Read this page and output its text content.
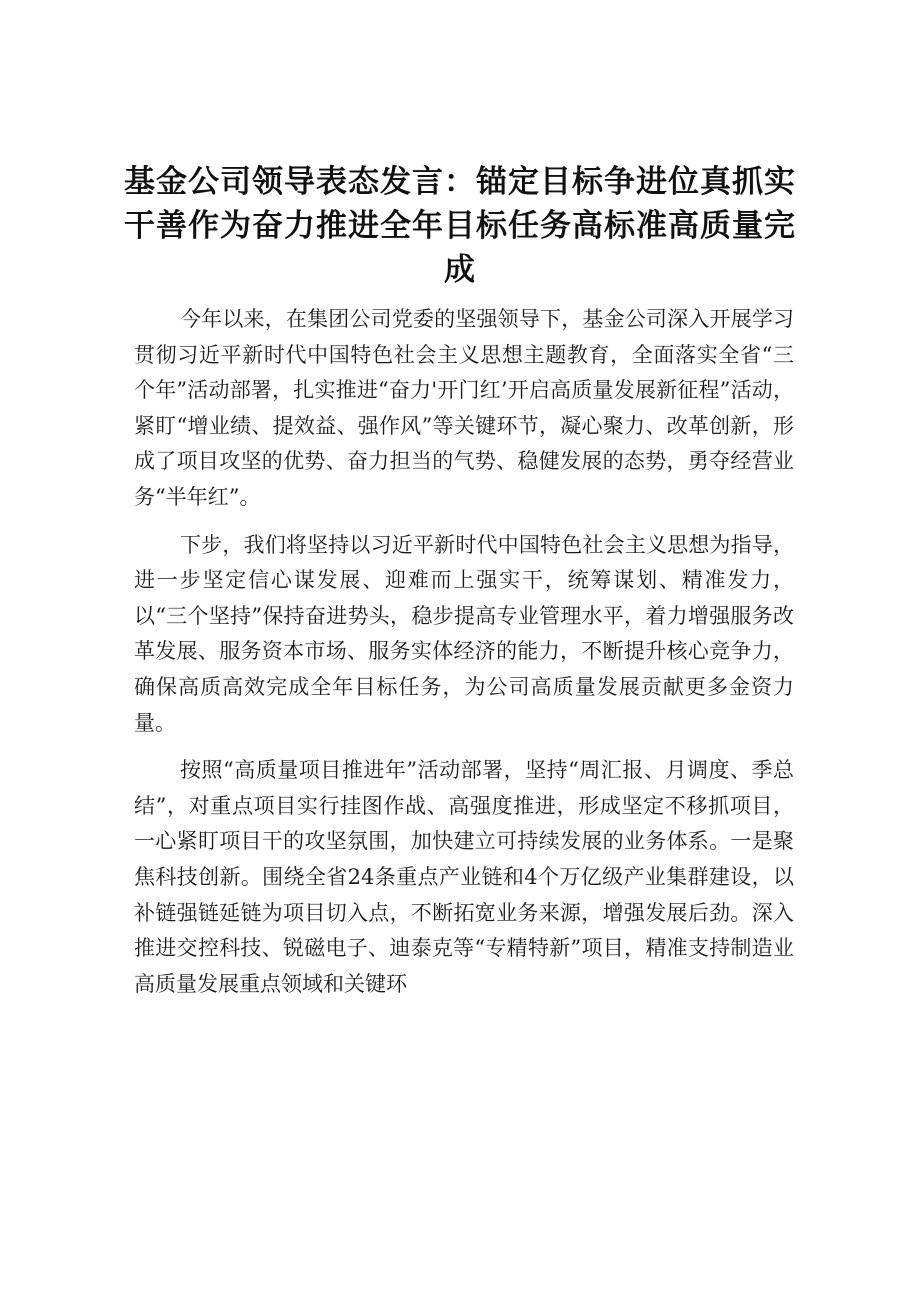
基金公司领导表态发言：锚定目标争进位真抓实干善作为奋力推进全年目标任务高标准高质量完成

今年以来，在集团公司党委的坚强领导下，基金公司深入开展学习贯彻习近平新时代中国特色社会主义思想主题教育，全面落实全省“三个年”活动部署，扎实推进“奋力'开门红’开启高质量发展新征程”活动，紧盯“增业绩、提效益、强作风”等关键环节，凝心聚力、改革创新，形成了项目攻坚的优势、奋力担当的气势、稳健发展的态势，勇夺经营业务“半年红”。

下步，我们将坚持以习近平新时代中国特色社会主义思想为指导，进一步坚定信心谋发展、迎难而上强实干，统筹谋划、精准发力，以“三个坚持”保持奋进势头，稳步提高专业管理水平，着力增强服务改革发展、服务资本市场、服务实体经济的能力，不断提升核心竞争力，确保高质高效完成全年目标任务，为公司高质量发展贡献更多金资力量。

按照“高质量项目推进年”活动部署，坚持“周汇报、月调度、季总结”，对重点项目实行挂图作战、高强度推进，形成坚定不移抓项目，一心紧盯项目干的攻坚氛围，加快建立可持续发展的业务体系。一是聚焦科技创新。围绕全省24条重点产业链和4个万亿级产业集群建设，以补链强链延链为项目切入点，不断拓宽业务来源，增强发展后劲。深入推进交控科技、锐磁电子、迪泰克等“专精特新”项目，精准支持制造业高质量发展重点领域和关键环
